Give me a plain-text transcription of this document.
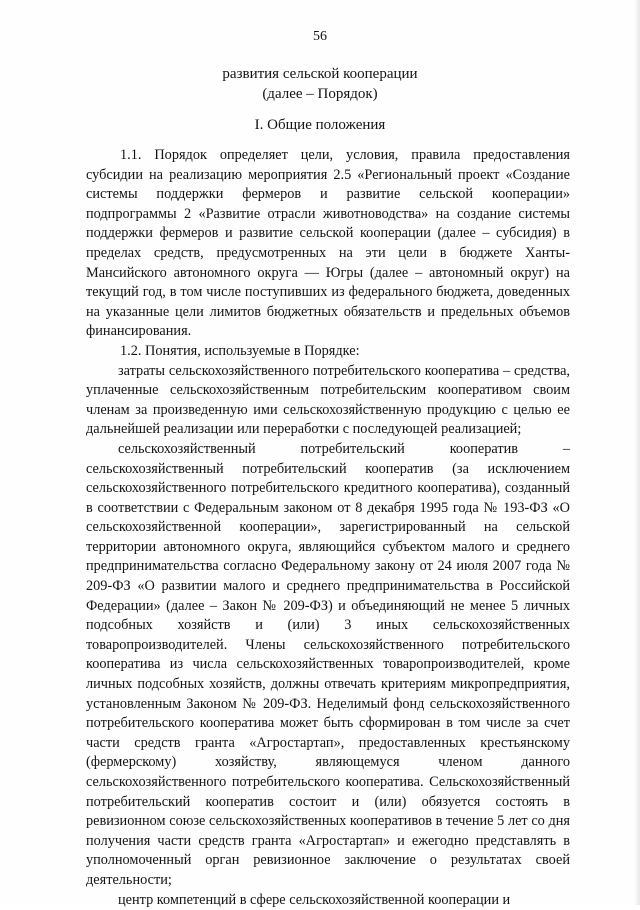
56
развития сельской кооперации
(далее – Порядок)
I. Общие положения

1.1. Порядок определяет цели, условия, правила предоставления субсидии на реализацию мероприятия 2.5 «Региональный проект «Создание системы поддержки фермеров и развитие сельской кооперации» подпрограммы 2 «Развитие отрасли животноводства» на создание системы поддержки фермеров и развитие сельской кооперации (далее – субсидия) в пределах средств, предусмотренных на эти цели в бюджете Ханты-Мансийского автономного округа — Югры (далее – автономный округ) на текущий год, в том числе поступивших из федерального бюджета, доведенных на указанные цели лимитов бюджетных обязательств и предельных объемов финансирования.

1.2. Понятия, используемые в Порядке:

затраты сельскохозяйственного потребительского кооператива – средства, уплаченные сельскохозяйственным потребительским кооперативом своим членам за произведенную ими сельскохозяйственную продукцию с целью ее дальнейшей реализации или переработки с последующей реализацией;

сельскохозяйственный потребительский кооператив – сельскохозяйственный потребительский кооператив (за исключением сельскохозяйственного потребительского кредитного кооператива), созданный в соответствии с Федеральным законом от 8 декабря 1995 года № 193-ФЗ «О сельскохозяйственной кооперации», зарегистрированный на сельской территории автономного округа, являющийся субъектом малого и среднего предпринимательства согласно Федеральному закону от 24 июля 2007 года № 209-ФЗ «О развитии малого и среднего предпринимательства в Российской Федерации» (далее – Закон № 209-ФЗ) и объединяющий не менее 5 личных подсобных хозяйств и (или) 3 иных сельскохозяйственных товаропроизводителей. Члены сельскохозяйственного потребительского кооператива из числа сельскохозяйственных товаропроизводителей, кроме личных подсобных хозяйств, должны отвечать критериям микропредприятия, установленным Законом № 209-ФЗ. Неделимый фонд сельскохозяйственного потребительского кооператива может быть сформирован в том числе за счет части средств гранта «Агростартап», предоставленных крестьянскому (фермерскому) хозяйству, являющемуся членом данного сельскохозяйственного потребительского кооператива. Сельскохозяйственный потребительский кооператив состоит и (или) обязуется состоять в ревизионном союзе сельскохозяйственных кооперативов в течение 5 лет со дня получения части средств гранта «Агростартап» и ежегодно представлять в уполномоченный орган ревизионное заключение о результатах своей деятельности;

центр компетенций в сфере сельскохозяйственной кооперации и
